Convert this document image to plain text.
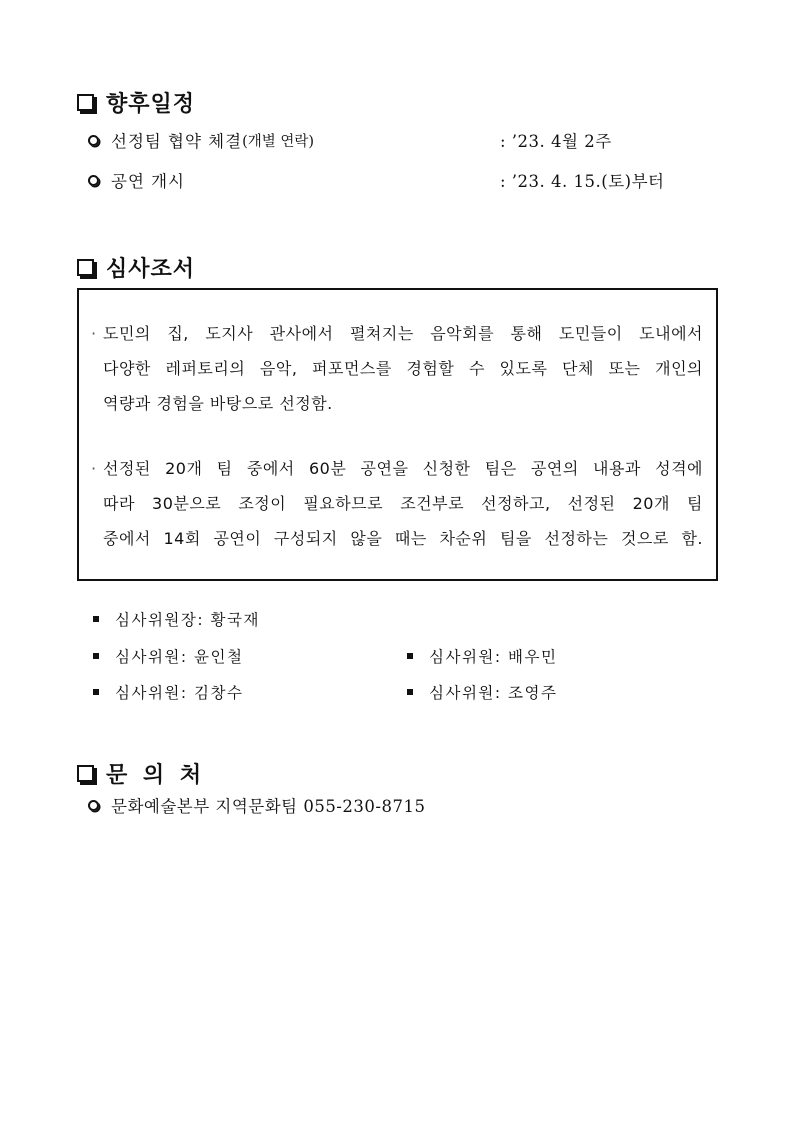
향후일정
선정팀 협약 체결 (개별 연락)	: ’23. 4월 2주
공연 개시	: ’23. 4. 15.(토)부터
심사조서
· 도민의 집, 도지사 관사에서 펼쳐지는 음악회를 통해 도민들이 도내에서
다양한 레퍼토리의 음악, 퍼포먼스를 경험할 수 있도록 단체 또는 개인의
역량과 경험을 바탕으로 선정함.
· 선정된 20개 팀 중에서 60분 공연을 신청한 팀은 공연의 내용과 성격에
따라 30분으로 조정이 필요하므로 조건부로 선정하고, 선정된 20개 팀
중에서 14회 공연이 구성되지 않을 때는 차순위 팀을 선정하는 것으로 함.
심사위원장: 황국재
심사위원: 윤인철	심사위원: 배우민
심사위원: 김창수	심사위원: 조영주
문 의 처
문화예술본부 지역문화팀 055-230-8715
